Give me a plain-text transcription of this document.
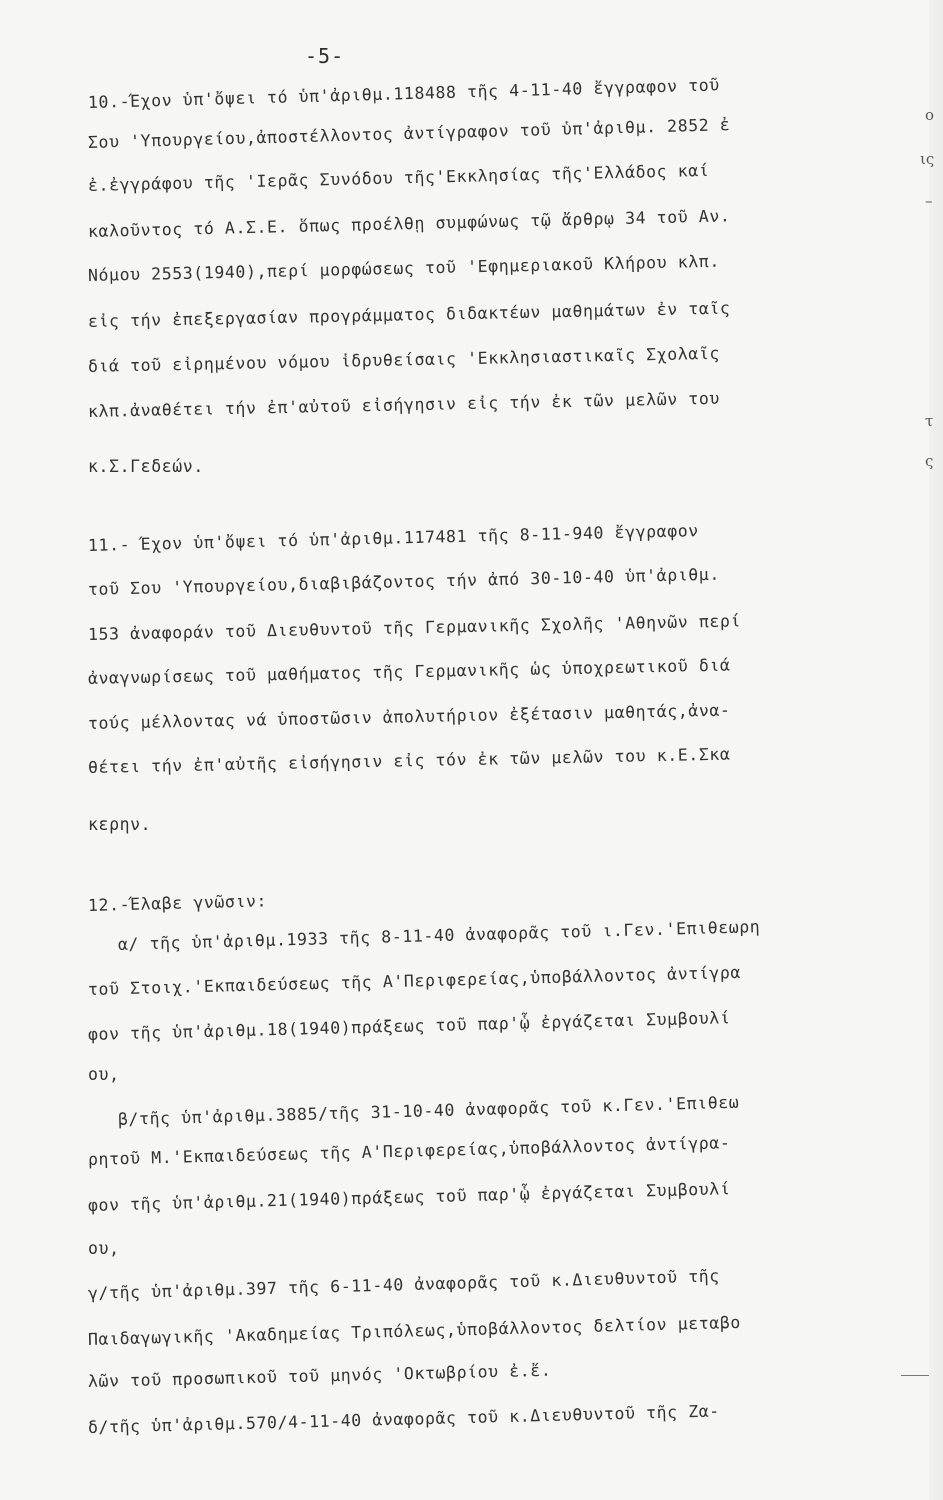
-5-
10.-Έχον ὑπ'ὄψει τό ὑπ'ἀριθμ.118488 τῆς 4-11-40 ἔγγραφον τοῦ
Σου 'Υπουργείου,ἀποστέλλοντος ἀντίγραφον τοῦ ὑπ'ἀριθμ. 2852 ἐ
ἐ.ἐγγράφου τῆς 'Ιερᾶς Συνόδου τῆς'Εκκλησίας τῆς'Ελλάδος καί
καλοῦντος τό Α.Σ.Ε. ὅπως προέλθῃ συμφώνως τῷ ἄρθρῳ 34 τοῦ Αν.
Νόμου 2553(1940),περί μορφώσεως τοῦ 'Εφημεριακοῦ Κλήρου κλπ.
εἰς τήν ἐπεξεργασίαν προγράμματος διδακτέων μαθημάτων ἐν ταῖς
διά τοῦ εἰρημένου νόμου ἱδρυθείσαις 'Εκκλησιαστικαῖς Σχολαῖς
κλπ.ἀναθέτει τήν ἐπ'αὐτοῦ εἰσήγησιν εἰς τήν ἐκ τῶν μελῶν του
κ.Σ.Γεδεών.
11.- Έχον ὑπ'ὄψει τό ὑπ'ἀριθμ.117481 τῆς 8-11-940 ἔγγραφον
τοῦ Σου 'Υπουργείου,διαβιβάζοντος τήν ἀπό 30-10-40 ὑπ'ἀριθμ.
153 ἀναφοράν τοῦ Διευθυντοῦ τῆς Γερμανικῆς Σχολῆς 'Αθηνῶν περί
ἀναγνωρίσεως τοῦ μαθήματος τῆς Γερμανικῆς ὡς ὑποχρεωτικοῦ διά
τούς μέλλοντας νά ὑποστῶσιν ἀπολυτήριον ἐξέτασιν μαθητάς,ἀνα-
θέτει τήν ἐπ'αὐτῆς εἰσήγησιν εἰς τόν ἐκ τῶν μελῶν του κ.Ε.Σκα
κερην.
12.-Έλαβε γνῶσιν:
α/ τῆς ὑπ'ἀριθμ.1933 τῆς 8-11-40 ἀναφορᾶς τοῦ ι.Γεν.'Επιθεωρη
τοῦ Στοιχ.'Εκπαιδεύσεως τῆς Α'Περιφερείας,ὑποβάλλοντος ἀντίγρα
φον τῆς ὑπ'ἀριθμ.18(1940)πράξεως τοῦ παρ'ᾧ ἐργάζεται Συμβουλί
ου,
β/τῆς ὑπ'ἀριθμ.3885/τῆς 31-10-40 ἀναφορᾶς τοῦ κ.Γεν.'Επιθεω
ρητοῦ Μ.'Εκπαιδεύσεως τῆς Α'Περιφερείας,ὑποβάλλοντος ἀντίγρα-
φον τῆς ὑπ'ἀριθμ.21(1940)πράξεως τοῦ παρ'ᾧ ἐργάζεται Συμβουλί
ου,
γ/τῆς ὑπ'ἀριθμ.397 τῆς 6-11-40 ἀναφορᾶς τοῦ κ.Διευθυντοῦ τῆς
Παιδαγωγικῆς 'Ακαδημείας Τριπόλεως,ὑποβάλλοντος δελτίον μεταβο
λῶν τοῦ προσωπικοῦ τοῦ μηνός 'Οκτωβρίου ἐ.ἔ.
δ/τῆς ὑπ'ἀριθμ.570/4-11-40 ἀναφορᾶς τοῦ κ.Διευθυντοῦ τῆς Ζα-
ο
ις
–
τ
ς
